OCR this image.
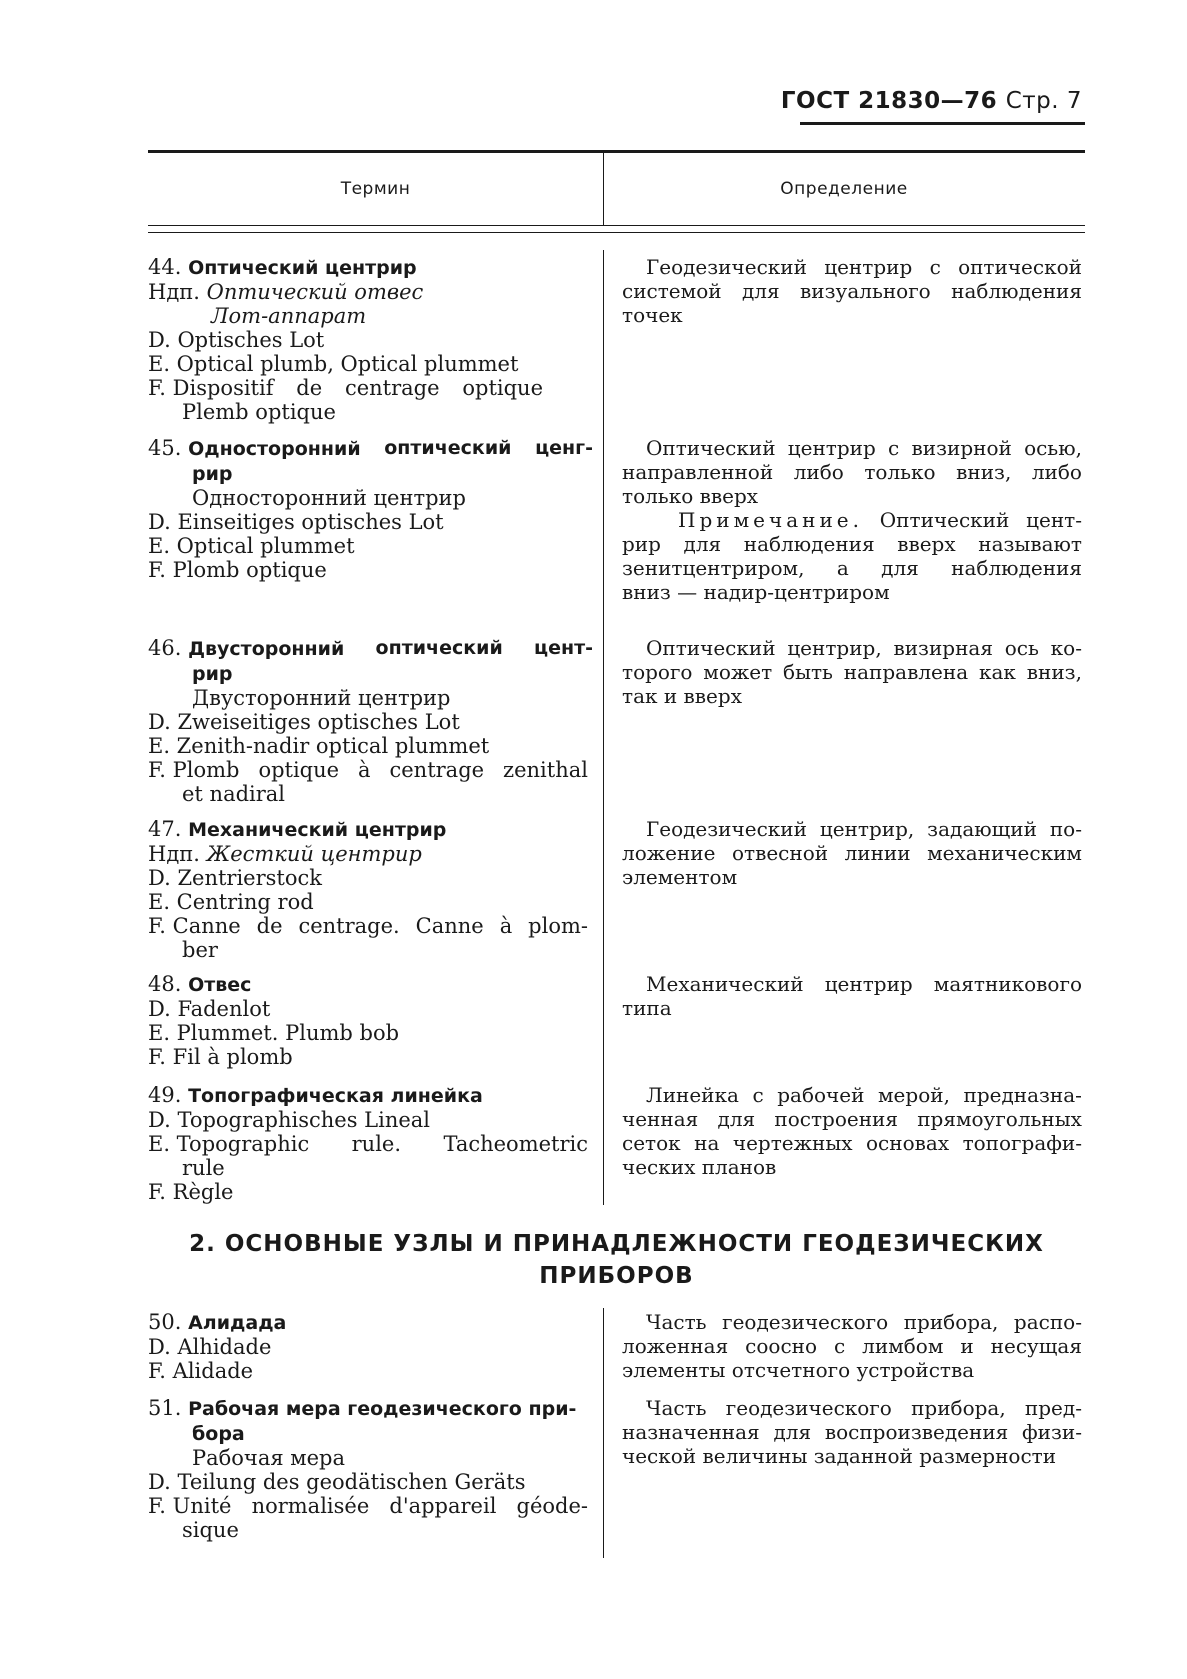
ГОСТ 21830—76 Стр. 7
Термин	Определение
44. Оптический центрир
Ндп. Оптический отвес
Лот-аппарат
D. Optisches Lot
E. Optical plumb, Optical plummet
F. Dispositif de centrage optique
Plemb optique
Геодезический центрир с оптической
системой для визуального наблюдения
точек
45. Односторонний оптический ценг-
рир
Односторонний центрир
D. Einseitiges optisches Lot
E. Optical plummet
F. Plomb optique
Оптический центрир с визирной осью,
направленной либо только вниз, либо
только вверх
Примечание. Оптический цент-
рир для наблюдения вверх называют
зенитцентриром, а для наблюдения
вниз — надир-центриром
46. Двусторонний оптический цент-
рир
Двусторонний центрир
D. Zweiseitiges optisches Lot
E. Zenith-nadir optical plummet
F. Plomb optique à centrage zenithal
et nadiral
Оптический центрир, визирная ось ко-
торого может быть направлена как вниз,
так и вверх
47. Механический центрир
Ндп. Жесткий центрир
D. Zentrierstock
E. Centring rod
F. Canne de centrage. Canne à plom-
ber
Геодезический центрир, задающий по-
ложение отвесной линии механическим
элементом
48. Отвес
D. Fadenlot
E. Plummet. Plumb bob
F. Fil à plomb
Механический центрир маятникового
типа
49. Топографическая линейка
D. Topographisches Lineal
E. Topographic rule. Tacheometric
rule
F. Règle
Линейка с рабочей мерой, предназна-
ченная для построения прямоугольных
сеток на чертежных основах топографи-
ческих планов
2. ОСНОВНЫЕ УЗЛЫ И ПРИНАДЛЕЖНОСТИ ГЕОДЕЗИЧЕСКИХ
ПРИБОРОВ
50. Алидада
D. Alhidade
F. Alidade
Часть геодезического прибора, распо-
ложенная соосно с лимбом и несущая
элементы отсчетного устройства
51. Рабочая мера геодезического при-
бора
Рабочая мера
D. Teilung des geodätischen Geräts
F. Unité normalisée d'appareil géode-
sique
Часть геодезического прибора, пред-
назначенная для воспроизведения физи-
ческой величины заданной размерности
